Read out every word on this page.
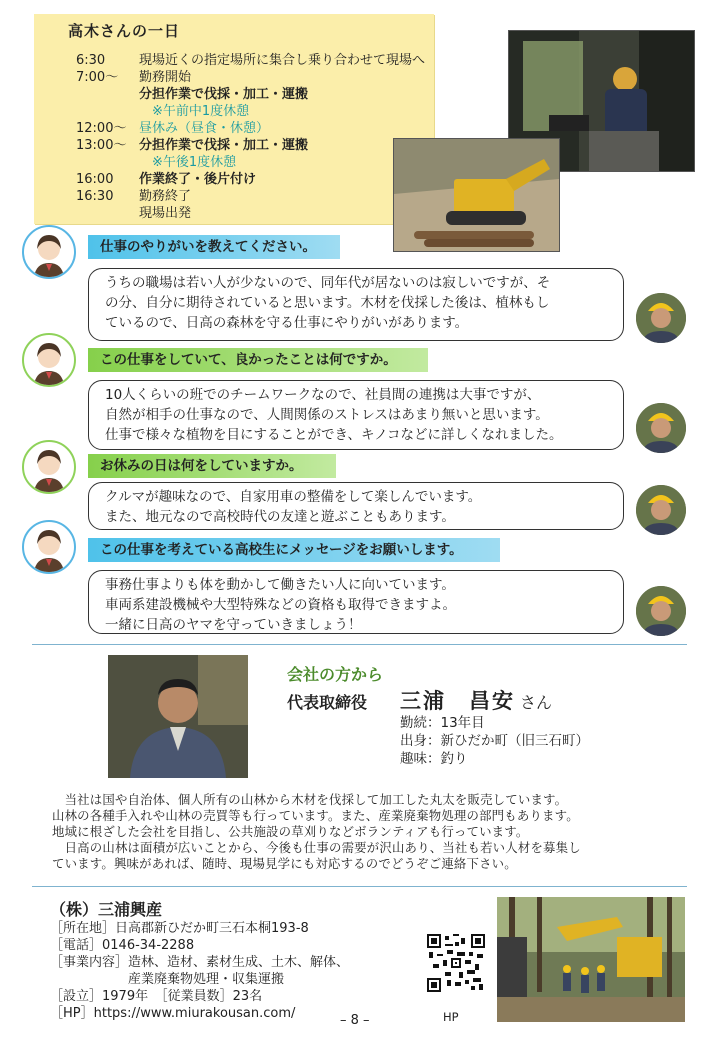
高木さんの一日
6:30	現場近くの指定場所に集合し乗り合わせて現場へ
7:00〜 勤務開始
分担作業で伐採・加工・運搬
※午前中1度休憩
12:00〜 昼休み（昼食・休憩）
13:00〜 分担作業で伐採・加工・運搬
※午後1度休憩
16:00 作業終了・後片付け
16:30 勤務終了
現場出発
仕事のやりがいを教えてください。
うちの職場は若い人が少ないので、同年代が居ないのは寂しいですが、そ
の分、自分に期待されていると思います。木材を伐採した後は、植林もし
ているので、日高の森林を守る仕事にやりがいがあります。
この仕事をしていて、良かったことは何ですか。
10人くらいの班でのチームワークなので、社員間の連携は大事ですが、
自然が相手の仕事なので、人間関係のストレスはあまり無いと思います。
仕事で様々な植物を目にすることができ、キノコなどに詳しくなれました。
お休みの日は何をしていますか。
クルマが趣味なので、自家用車の整備をして楽しんでいます。
また、地元なので高校時代の友達と遊ぶこともあります。
この仕事を考えている高校生にメッセージをお願いします。
事務仕事よりも体を動かして働きたい人に向いています。
車両系建設機械や大型特殊などの資格も取得できますよ。
一緒に日高のヤマを守っていきましょう！
会社の方から
代表取締役 三浦　昌安 さん
勤続：13年目
出身：新ひだか町（旧三石町）
趣味：釣り
　当社は国や自治体、個人所有の山林から木材を伐採して加工した丸太を販売しています。
山林の各種手入れや山林の売買等も行っています。また、産業廃棄物処理の部門もあります。
地域に根ざした会社を目指し、公共施設の草刈りなどボランティアも行っています。
　日高の山林は面積が広いことから、今後も仕事の需要が沢山あり、当社も若い人材を募集し
ています。興味があれば、随時、現場見学にも対応するのでどうぞご連絡下さい。
（株）三浦興産
［所在地］日高郡新ひだか町三石本桐193-8
［電話］0146-34-2288
［事業内容］造林、造材、素材生成、土木、解体、
　　　　　　産業廃棄物処理・収集運搬
［設立］1979年　［従業員数］23名
［HP］https://www.miurakousan.com/	HP
– 8 –
